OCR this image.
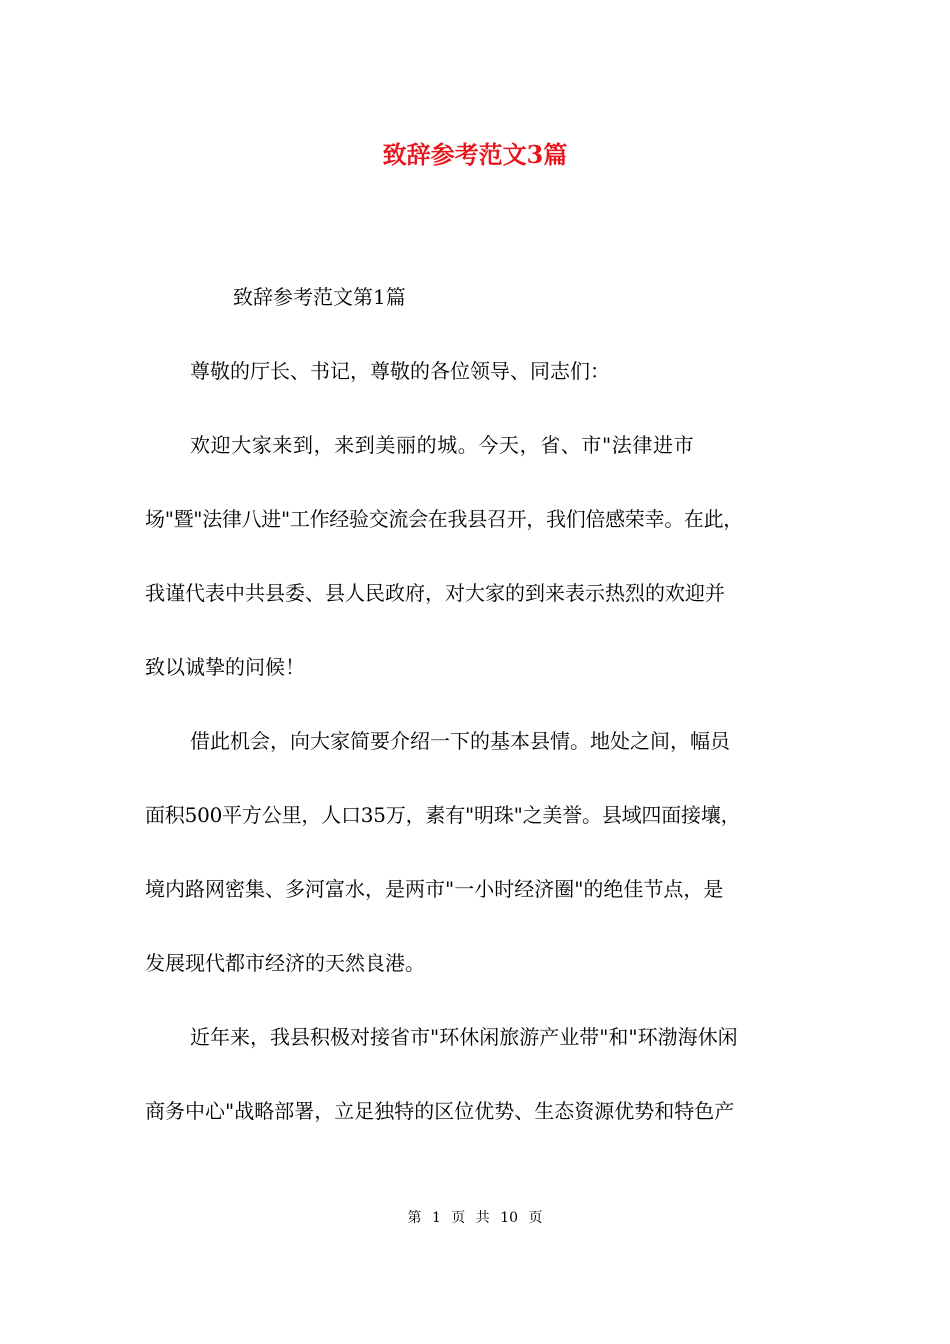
致辞参考范文3篇

致辞参考范文第1篇

尊敬的厅长、书记，尊敬的各位领导、同志们：

欢迎大家来到，来到美丽的城。今天，省、市"法律进市

场"暨"法律八进"工作经验交流会在我县召开，我们倍感荣幸。在此，

我谨代表中共县委、县人民政府，对大家的到来表示热烈的欢迎并

致以诚挚的问候！

借此机会，向大家简要介绍一下的基本县情。地处之间，幅员

面积500平方公里，人口35万，素有"明珠"之美誉。县域四面接壤，

境内路网密集、多河富水，是两市"一小时经济圈"的绝佳节点，是

发展现代都市经济的天然良港。

近年来，我县积极对接省市"环休闲旅游产业带"和"环渤海休闲

商务中心"战略部署，立足独特的区位优势、生态资源优势和特色产

第 1 页 共 10 页
